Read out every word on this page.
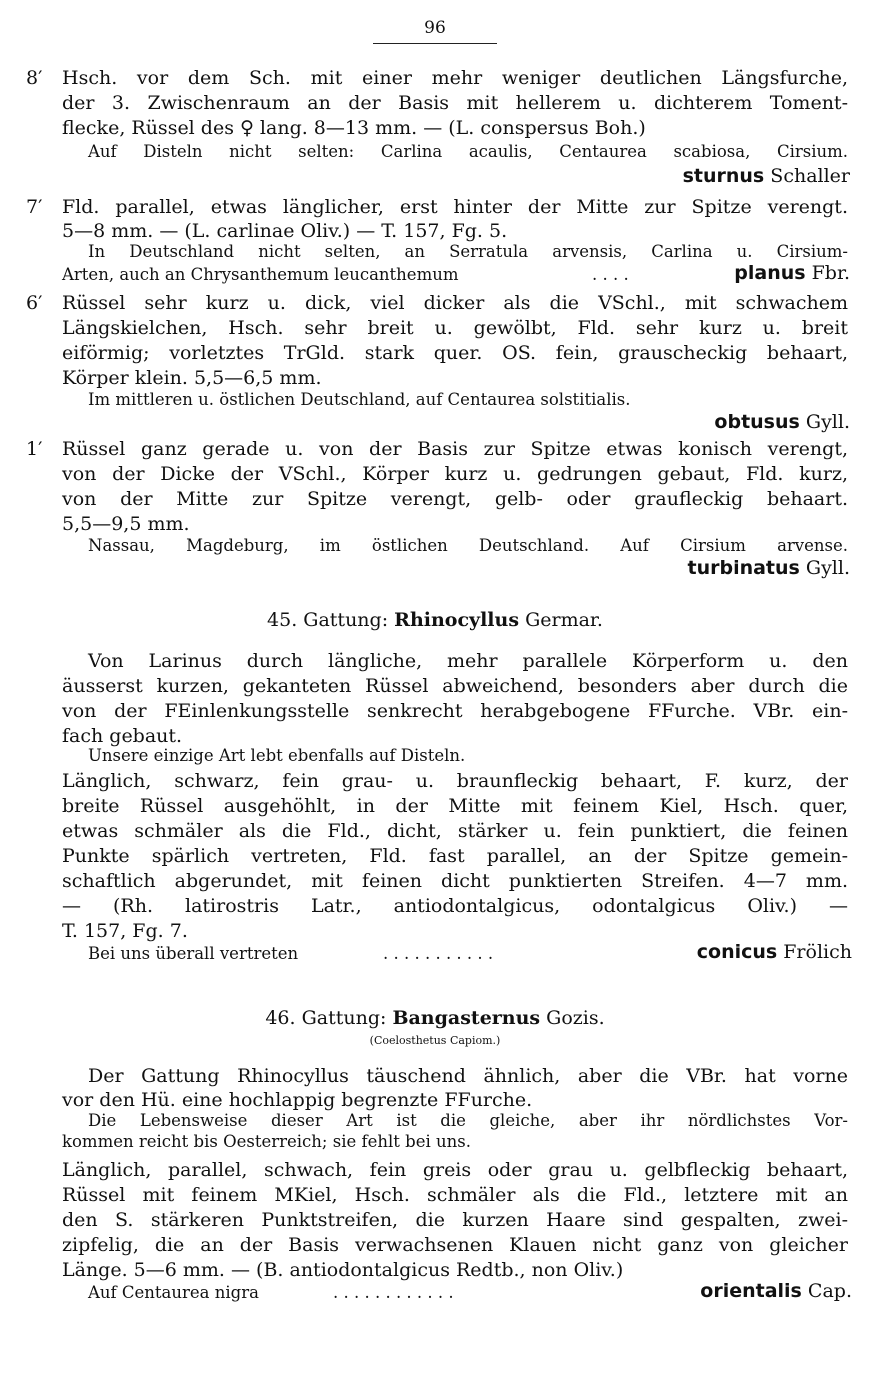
96
8′ Hsch. vor dem Sch. mit einer mehr weniger deutlichen Längsfurche,
der 3. Zwischenraum an der Basis mit hellerem u. dichterem Toment-
flecke, Rüssel des ♀ lang. 8—13 mm. — (L. conspersus Boh.)
Auf Disteln nicht selten: Carlina acaulis, Centaurea scabiosa, Cirsium.
sturnus Schaller
7′ Fld. parallel, etwas länglicher, erst hinter der Mitte zur Spitze verengt.
5—8 mm. — (L. carlinae Oliv.) — T. 157, Fg. 5.
In Deutschland nicht selten, an Serratula arvensis, Carlina u. Cirsium-
Arten, auch an Chrysanthemum leucanthemum	. . . .	planus Fbr.
6′ Rüssel sehr kurz u. dick, viel dicker als die VSchl., mit schwachem
Längskielchen, Hsch. sehr breit u. gewölbt, Fld. sehr kurz u. breit
eiförmig; vorletztes TrGld. stark quer. OS. fein, grauscheckig behaart,
Körper klein. 5,5—6,5 mm.
Im mittleren u. östlichen Deutschland, auf Centaurea solstitialis.
obtusus Gyll.
1′ Rüssel ganz gerade u. von der Basis zur Spitze etwas konisch verengt,
von der Dicke der VSchl., Körper kurz u. gedrungen gebaut, Fld. kurz,
von der Mitte zur Spitze verengt, gelb- oder graufleckig behaart.
5,5—9,5 mm.
Nassau, Magdeburg, im östlichen Deutschland. Auf Cirsium arvense.
turbinatus Gyll.
45. Gattung: Rhinocyllus Germar.
Von Larinus durch längliche, mehr parallele Körperform u. den
äusserst kurzen, gekanteten Rüssel abweichend, besonders aber durch die
von der FEinlenkungsstelle senkrecht herabgebogene FFurche. VBr. ein-
fach gebaut.
Unsere einzige Art lebt ebenfalls auf Disteln.
Länglich, schwarz, fein grau- u. braunfleckig behaart, F. kurz, der
breite Rüssel ausgehöhlt, in der Mitte mit feinem Kiel, Hsch. quer,
etwas schmäler als die Fld., dicht, stärker u. fein punktiert, die feinen
Punkte spärlich vertreten, Fld. fast parallel, an der Spitze gemein-
schaftlich abgerundet, mit feinen dicht punktierten Streifen. 4—7 mm.
— (Rh. latirostris Latr., antiodontalgicus, odontalgicus Oliv.) —
T. 157, Fg. 7.
Bei uns überall vertreten	. . . . . . . . . . .	conicus Frölich
46. Gattung: Bangasternus Gozis.
(Coelosthetus Capiom.)
Der Gattung Rhinocyllus täuschend ähnlich, aber die VBr. hat vorne
vor den Hü. eine hochlappig begrenzte FFurche.
Die Lebensweise dieser Art ist die gleiche, aber ihr nördlichstes Vor-
kommen reicht bis Oesterreich; sie fehlt bei uns.
Länglich, parallel, schwach, fein greis oder grau u. gelbfleckig behaart,
Rüssel mit feinem MKiel, Hsch. schmäler als die Fld., letztere mit an
den S. stärkeren Punktstreifen, die kurzen Haare sind gespalten, zwei-
zipfelig, die an der Basis verwachsenen Klauen nicht ganz von gleicher
Länge. 5—6 mm. — (B. antiodontalgicus Redtb., non Oliv.)
Auf Centaurea nigra	. . . . . . . . . . . .	orientalis Cap.
